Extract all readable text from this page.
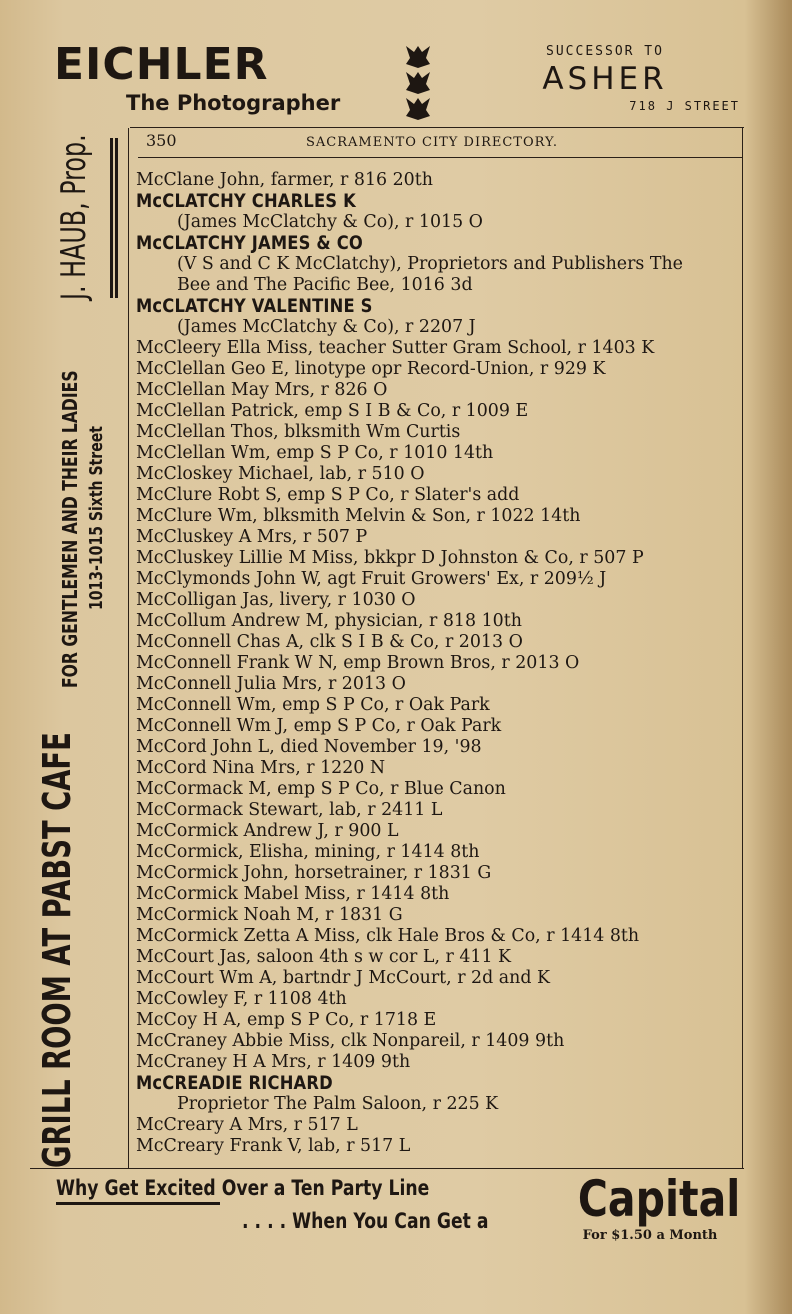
EICHLER
The Photographer
SUCCESSOR TO
ASHER
718 J STREET
GRILL ROOM AT PABST CAFE
FOR GENTLEMEN AND THEIR LADIES 1013-1015 Sixth Street
J. HAUB, Prop.	350	SACRAMENTO CITY DIRECTORY.
McClane John, farmer, r 816 20th
McCLATCHY CHARLES K
(James McClatchy & Co), r 1015 O
McCLATCHY JAMES & CO
(V S and C K McClatchy), Proprietors and Publishers The
Bee and The Pacific Bee, 1016 3d
McCLATCHY VALENTINE S
(James McClatchy & Co), r 2207 J
McCleery Ella Miss, teacher Sutter Gram School, r 1403 K
McClellan Geo E, linotype opr Record-Union, r 929 K
McClellan May Mrs, r 826 O
McClellan Patrick, emp S I B & Co, r 1009 E
McClellan Thos, blksmith Wm Curtis
McClellan Wm, emp S P Co, r 1010 14th
McCloskey Michael, lab, r 510 O
McClure Robt S, emp S P Co, r Slater's add
McClure Wm, blksmith Melvin & Son, r 1022 14th
McCluskey A Mrs, r 507 P
McCluskey Lillie M Miss, bkkpr D Johnston & Co, r 507 P
McClymonds John W, agt Fruit Growers' Ex, r 209½ J
McColligan Jas, livery, r 1030 O
McCollum Andrew M, physician, r 818 10th
McConnell Chas A, clk S I B & Co, r 2013 O
McConnell Frank W N, emp Brown Bros, r 2013 O
McConnell Julia Mrs, r 2013 O
McConnell Wm, emp S P Co, r Oak Park
McConnell Wm J, emp S P Co, r Oak Park
McCord John L, died November 19, '98
McCord Nina Mrs, r 1220 N
McCormack M, emp S P Co, r Blue Canon
McCormack Stewart, lab, r 2411 L
McCormick Andrew J, r 900 L
McCormick, Elisha, mining, r 1414 8th
McCormick John, horsetrainer, r 1831 G
McCormick Mabel Miss, r 1414 8th
McCormick Noah M, r 1831 G
McCormick Zetta A Miss, clk Hale Bros & Co, r 1414 8th
McCourt Jas, saloon 4th s w cor L, r 411 K
McCourt Wm A, bartndr J McCourt, r 2d and K
McCowley F, r 1108 4th
McCoy H A, emp S P Co, r 1718 E
McCraney Abbie Miss, clk Nonpareil, r 1409 9th
McCraney H A Mrs, r 1409 9th
McCREADIE RICHARD
Proprietor The Palm Saloon, r 225 K
McCreary A Mrs, r 517 L
McCreary Frank V, lab, r 517 L
Why Get Excited Over a Ten Party Line
. . . . When You Can Get a	Capital
For $1.50 a Month
